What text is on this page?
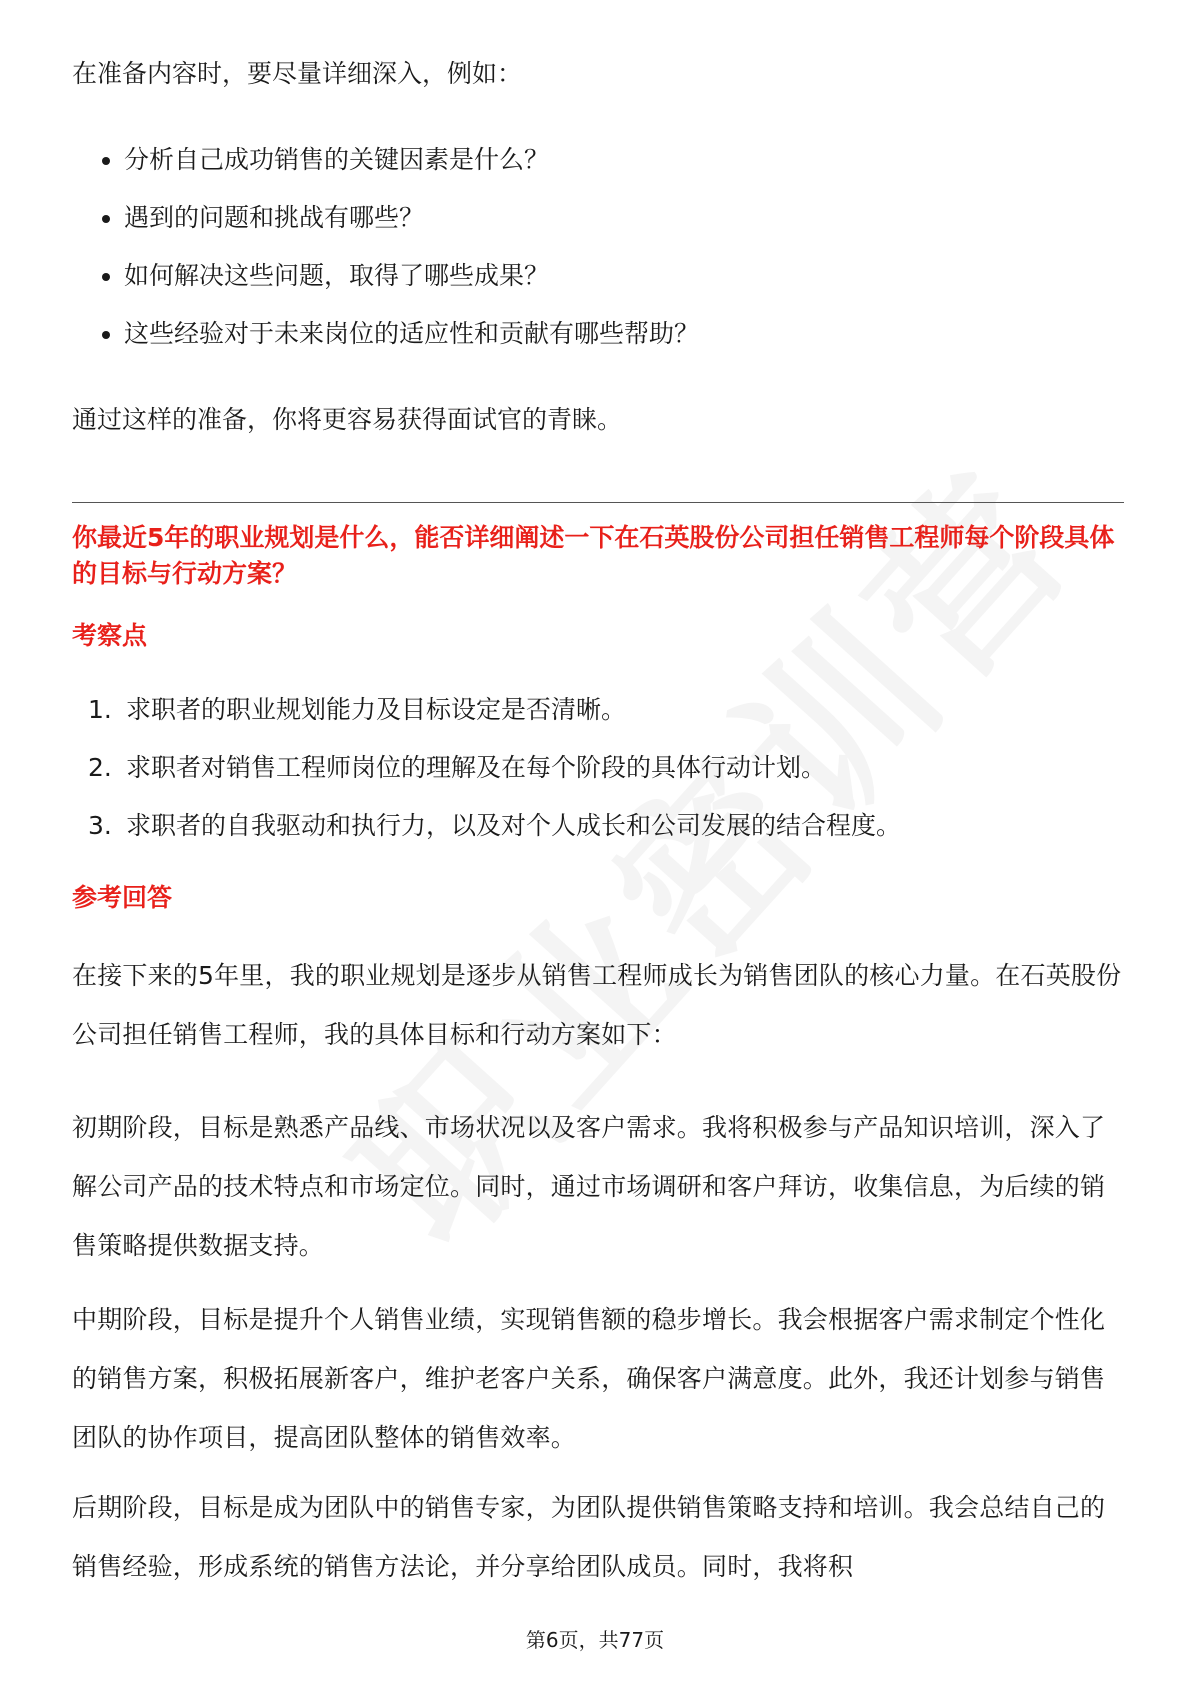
在准备内容时，要尽量详细深入，例如：

分析自己成功销售的关键因素是什么？
遇到的问题和挑战有哪些？
如何解决这些问题，取得了哪些成果？
这些经验对于未来岗位的适应性和贡献有哪些帮助？

通过这样的准备，你将更容易获得面试官的青睐。

你最近5年的职业规划是什么，能否详细阐述一下在石英股份公司担任销售工程师每个阶段具体的目标与行动方案？

考察点

1. 求职者的职业规划能力及目标设定是否清晰。
2. 求职者对销售工程师岗位的理解及在每个阶段的具体行动计划。
3. 求职者的自我驱动和执行力，以及对个人成长和公司发展的结合程度。

参考回答

在接下来的5年里，我的职业规划是逐步从销售工程师成长为销售团队的核心力量。在石英股份公司担任销售工程师，我的具体目标和行动方案如下：

初期阶段，目标是熟悉产品线、市场状况以及客户需求。我将积极参与产品知识培训，深入了解公司产品的技术特点和市场定位。同时，通过市场调研和客户拜访，收集信息，为后续的销售策略提供数据支持。

中期阶段，目标是提升个人销售业绩，实现销售额的稳步增长。我会根据客户需求制定个性化的销售方案，积极拓展新客户，维护老客户关系，确保客户满意度。此外，我还计划参与销售团队的协作项目，提高团队整体的销售效率。

后期阶段，目标是成为团队中的销售专家，为团队提供销售策略支持和培训。我会总结自己的销售经验，形成系统的销售方法论，并分享给团队成员。同时，我将积

第6页，共77页
